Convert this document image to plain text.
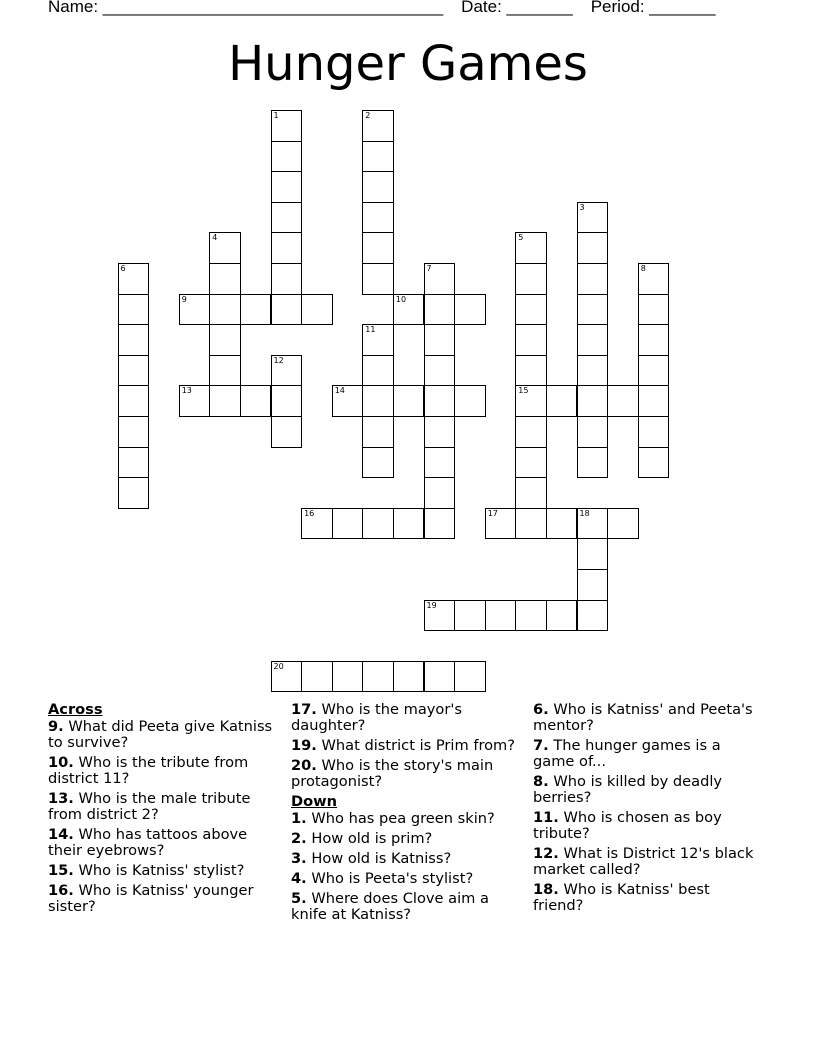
Name: ____________________________________ Date: _______ Period: _______
Hunger Games
1	2
3
4	5
15
6	7	8
9	10
11
12
13	14
16	17	18
19
20
Across
9. What did Peeta give Katniss to survive?
10. Who is the tribute from district 11?
13. Who is the male tribute from district 2?
14. Who has tattoos above their eyebrows?
15. Who is Katniss' stylist?
16. Who is Katniss' younger sister?
17. Who is the mayor's daughter?
19. What district is Prim from?
20. Who is the story's main protagonist?
Down
1. Who has pea green skin?
2. How old is prim?
3. How old is Katniss?
4. Who is Peeta's stylist?
5. Where does Clove aim a knife at Katniss?
6. Who is Katniss' and Peeta's mentor?
7. The hunger games is a game of...
8. Who is killed by deadly berries?
11. Who is chosen as boy tribute?
12. What is District 12's black market called?
18. Who is Katniss' best friend?
